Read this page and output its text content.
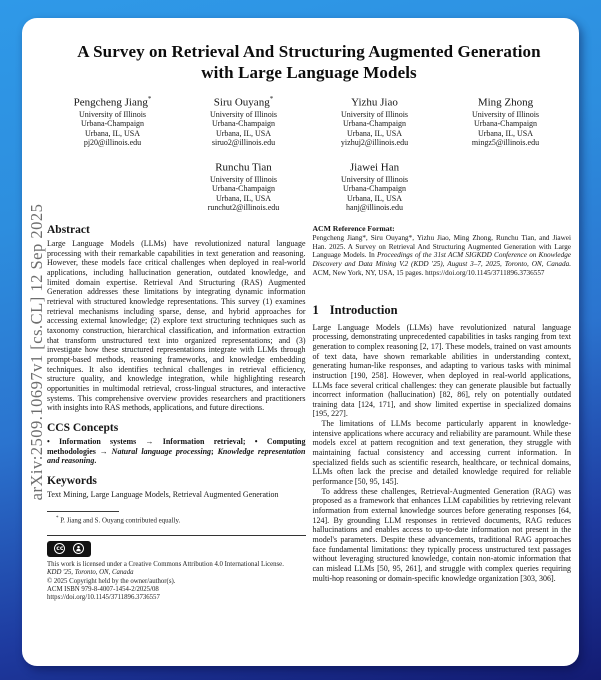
A Survey on Retrieval And Structuring Augmented Generation
with Large Language Models
Pengcheng Jiang*
University of Illinois
Urbana-Champaign
Urbana, IL, USA
pj20@illinois.edu
Siru Ouyang*
University of Illinois
Urbana-Champaign
Urbana, IL, USA
siruo2@illinois.edu
Yizhu Jiao
University of Illinois
Urbana-Champaign
Urbana, IL, USA
yizhuj2@illinois.edu
Ming Zhong
University of Illinois
Urbana-Champaign
Urbana, IL, USA
mingz5@illinois.edu
Runchu Tian
University of Illinois
Urbana-Champaign
Urbana, IL, USA
runchut2@illinois.edu
Jiawei Han
University of Illinois
Urbana-Champaign
Urbana, IL, USA
hanj@illinois.edu
Abstract

Large Language Models (LLMs) have revolutionized natural language processing with their remarkable capabilities in text generation and reasoning. However, these models face critical challenges when deployed in real-world applications, including hallucination generation, outdated knowledge, and limited domain expertise. Retrieval And Structuring (RAS) Augmented Generation addresses these limitations by integrating dynamic information retrieval with structured knowledge representations. This survey (1) examines retrieval mechanisms including sparse, dense, and hybrid approaches for accessing external knowledge; (2) explore text structuring techniques such as taxonomy construction, hierarchical classification, and information extraction that transform unstructured text into organized representations; and (3) investigate how these structured representations integrate with LLMs through prompt-based methods, reasoning frameworks, and knowledge embedding techniques. It also identifies technical challenges in retrieval efficiency, structure quality, and knowledge integration, while highlighting research opportunities in multimodal retrieval, cross-lingual structures, and interactive systems. This comprehensive overview provides researchers and practitioners with insights into RAS methods, applications, and future directions.

CCS Concepts

• Information systems → Information retrieval; • Computing methodologies → Natural language processing; Knowledge representation and reasoning.

Keywords

Text Mining, Large Language Models, Retrieval Augmented Generation

* P. Jiang and S. Ouyang contributed equally.

cc
This work is licensed under a Creative Commons Attribution 4.0 International License.
KDD '25, Toronto, ON, Canada
© 2025 Copyright held by the owner/author(s).
ACM ISBN 979-8-4007-1454-2/2025/08
https://doi.org/10.1145/3711896.3736557
ACM Reference Format:

Pengcheng Jiang*, Siru Ouyang*, Yizhu Jiao, Ming Zhong, Runchu Tian, and Jiawei Han. 2025. A Survey on Retrieval And Structuring Augmented Generation with Large Language Models. In Proceedings of the 31st ACM SIGKDD Conference on Knowledge Discovery and Data Mining V.2 (KDD '25), August 3–7, 2025, Toronto, ON, Canada. ACM, New York, NY, USA, 15 pages. https://doi.org/10.1145/3711896.3736557

1 Introduction

Large Language Models (LLMs) have revolutionized natural language processing, demonstrating unprecedented capabilities in tasks ranging from text generation to complex reasoning [2, 17]. These models, trained on vast amounts of text data, have shown remarkable abilities in understanding context, generating human-like responses, and adapting to various tasks with minimal instruction [190, 258]. However, when deployed in real-world applications, LLMs face several critical challenges: they can generate plausible but factually incorrect information (hallucination) [82, 86], rely on potentially outdated training data [124, 171], and show limited expertise in specialized domains [195, 227].

The limitations of LLMs become particularly apparent in knowledge-intensive applications where accuracy and reliability are paramount. While these models excel at pattern recognition and text generation, they struggle with maintaining factual consistency and accessing current information. In specialized fields such as scientific research, healthcare, or technical domains, LLMs often lack the precise and detailed knowledge required for reliable performance [50, 95, 145].

To address these challenges, Retrieval-Augmented Generation (RAG) was proposed as a framework that enhances LLM capabilities by retrieving relevant information from external knowledge sources before generating responses [64, 124]. By grounding LLM responses in retrieved documents, RAG reduces hallucinations and enables access to up-to-date information not present in the model's parameters. Despite these advancements, traditional RAG approaches face fundamental limitations: they typically process unstructured text passages without leveraging structured knowledge, contain non-atomic information that can mislead LLMs [50, 95, 261], and struggle with complex queries requiring multi-hop reasoning or domain-specific knowledge organization [303, 306].

arXiv:2509.10697v1 [cs.CL] 12 Sep 2025
